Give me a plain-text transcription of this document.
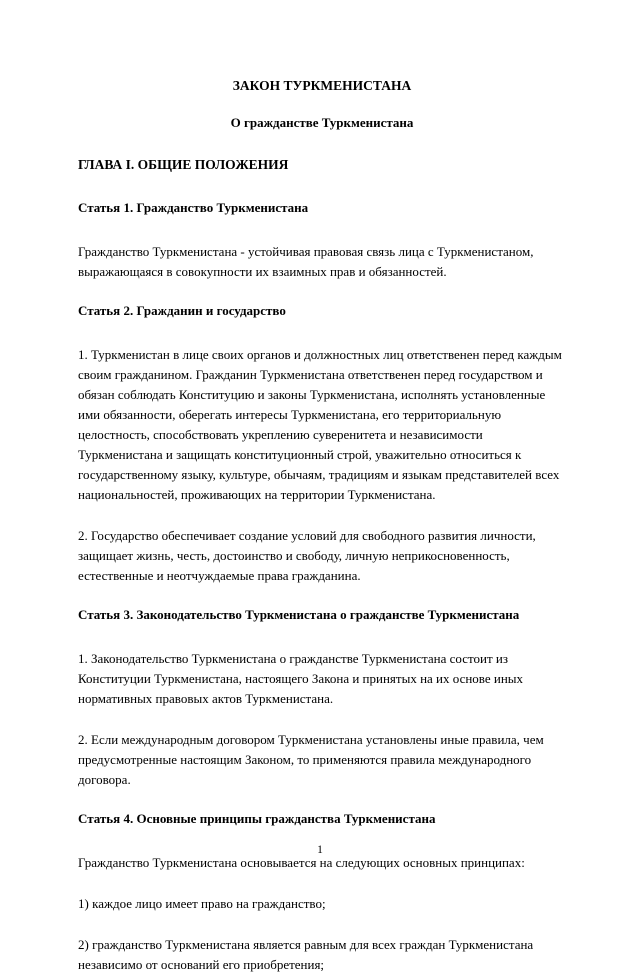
ЗАКОН ТУРКМЕНИСТАНА
О гражданстве Туркменистана
ГЛАВА I. ОБЩИЕ ПОЛОЖЕНИЯ
Статья 1. Гражданство Туркменистана
Гражданство Туркменистана - устойчивая правовая связь лица с Туркменистаном, выражающаяся в совокупности их взаимных прав и обязанностей.
Статья 2. Гражданин и государство
1. Туркменистан в лице своих органов и должностных лиц ответственен перед каждым своим гражданином. Гражданин Туркменистана ответственен перед государством и обязан соблюдать Конституцию и законы Туркменистана, исполнять установленные ими обязанности, оберегать интересы Туркменистана, его территориальную целостность, способствовать укреплению суверенитета и независимости Туркменистана и защищать конституционный строй, уважительно относиться к государственному языку, культуре, обычаям, традициям и языкам представителей всех национальностей, проживающих на территории Туркменистана.
2. Государство обеспечивает создание условий для свободного развития личности, защищает жизнь, честь, достоинство и свободу, личную неприкосновенность, естественные и неотчуждаемые права гражданина.
Статья 3. Законодательство Туркменистана о гражданстве Туркменистана
1. Законодательство Туркменистана о гражданстве Туркменистана состоит из Конституции Туркменистана, настоящего Закона и принятых на их основе иных нормативных правовых актов Туркменистана.
2. Если международным договором Туркменистана установлены иные правила, чем предусмотренные настоящим Законом, то применяются правила международного договора.
Статья 4. Основные принципы гражданства Туркменистана
Гражданство Туркменистана основывается на следующих основных принципах:
1) каждое лицо имеет право на гражданство;
2) гражданство Туркменистана является равным для всех граждан Туркменистана независимо от оснований его приобретения;
1
